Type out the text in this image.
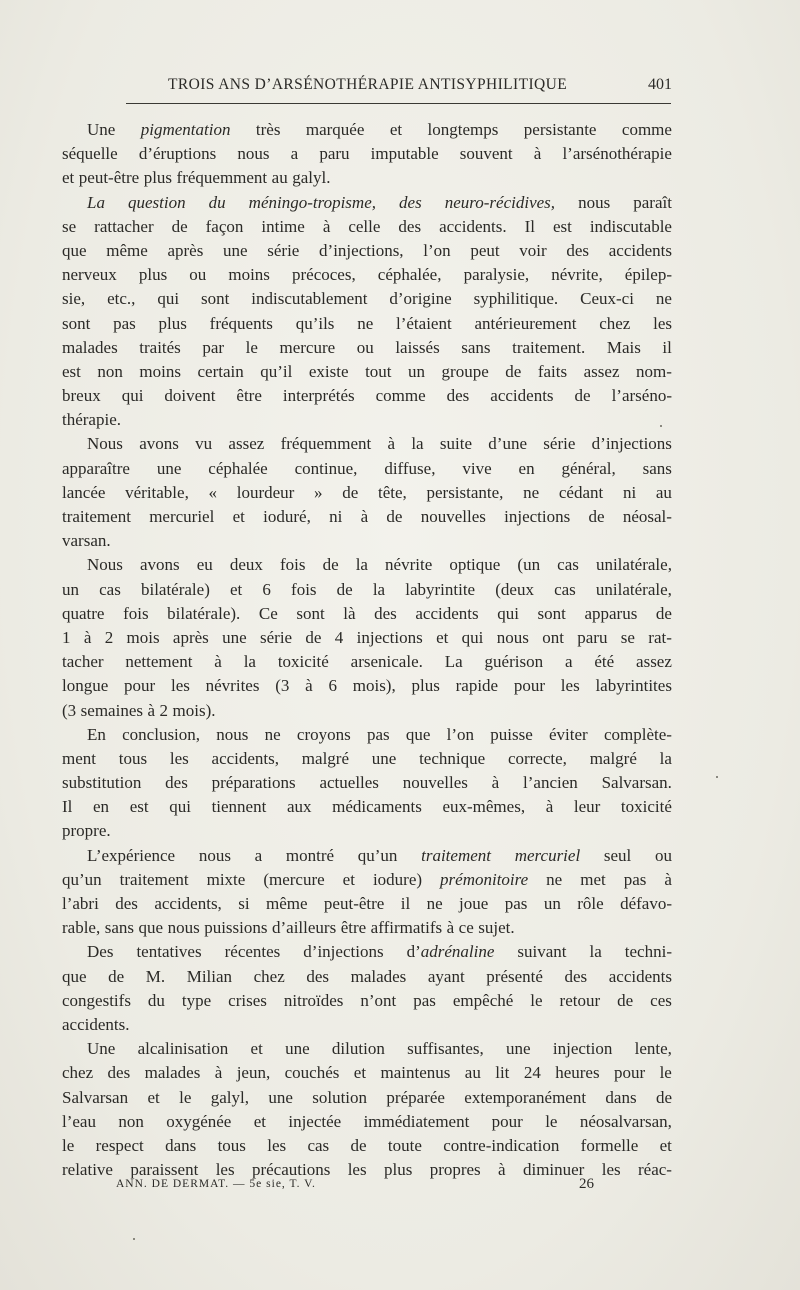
TROIS ANS D’ARSÉNOTHÉRAPIE ANTISYPHILITIQUE	401
Une pigmentation très marquée et longtemps persistante comme
séquelle d’éruptions nous a paru imputable souvent à l’arsénothérapie
et peut-être plus fréquemment au galyl.
La question du méningo-tropisme, des neuro-récidives, nous paraît
se rattacher de façon intime à celle des accidents. Il est indiscutable
que même après une série d’injections, l’on peut voir des accidents
nerveux plus ou moins précoces, céphalée, paralysie, névrite, épilep-
sie, etc., qui sont indiscutablement d’origine syphilitique. Ceux-ci ne
sont pas plus fréquents qu’ils ne l’étaient antérieurement chez les
malades traités par le mercure ou laissés sans traitement. Mais il
est non moins certain qu’il existe tout un groupe de faits assez nom-
breux qui doivent être interprétés comme des accidents de l’arséno-
thérapie.
Nous avons vu assez fréquemment à la suite d’une série d’injections
apparaître une céphalée continue, diffuse, vive en général, sans
lancée véritable, « lourdeur » de tête, persistante, ne cédant ni au
traitement mercuriel et ioduré, ni à de nouvelles injections de néosal-
varsan.
Nous avons eu deux fois de la névrite optique (un cas unilatérale,
un cas bilatérale) et 6 fois de la labyrintite (deux cas unilatérale,
quatre fois bilatérale). Ce sont là des accidents qui sont apparus de
1 à 2 mois après une série de 4 injections et qui nous ont paru se rat-
tacher nettement à la toxicité arsenicale. La guérison a été assez
longue pour les névrites (3 à 6 mois), plus rapide pour les labyrintites
(3 semaines à 2 mois).
En conclusion, nous ne croyons pas que l’on puisse éviter complète-
ment tous les accidents, malgré une technique correcte, malgré la
substitution des préparations actuelles nouvelles à l’ancien Salvarsan.
Il en est qui tiennent aux médicaments eux-mêmes, à leur toxicité
propre.
L’expérience nous a montré qu’un traitement mercuriel seul ou
qu’un traitement mixte (mercure et iodure) prémonitoire ne met pas à
l’abri des accidents, si même peut-être il ne joue pas un rôle défavo-
rable, sans que nous puissions d’ailleurs être affirmatifs à ce sujet.
Des tentatives récentes d’injections d’adrénaline suivant la techni-
que de M. Milian chez des malades ayant présenté des accidents
congestifs du type crises nitroïdes n’ont pas empêché le retour de ces
accidents.
Une alcalinisation et une dilution suffisantes, une injection lente,
chez des malades à jeun, couchés et maintenus au lit 24 heures pour le
Salvarsan et le galyl, une solution préparée extemporanément dans de
l’eau non oxygénée et injectée immédiatement pour le néosalvarsan,
le respect dans tous les cas de toute contre-indication formelle et
relative paraissent les précautions les plus propres à diminuer les réac-
ANN. DE DERMAT. — 5e sie, T. V.	26
